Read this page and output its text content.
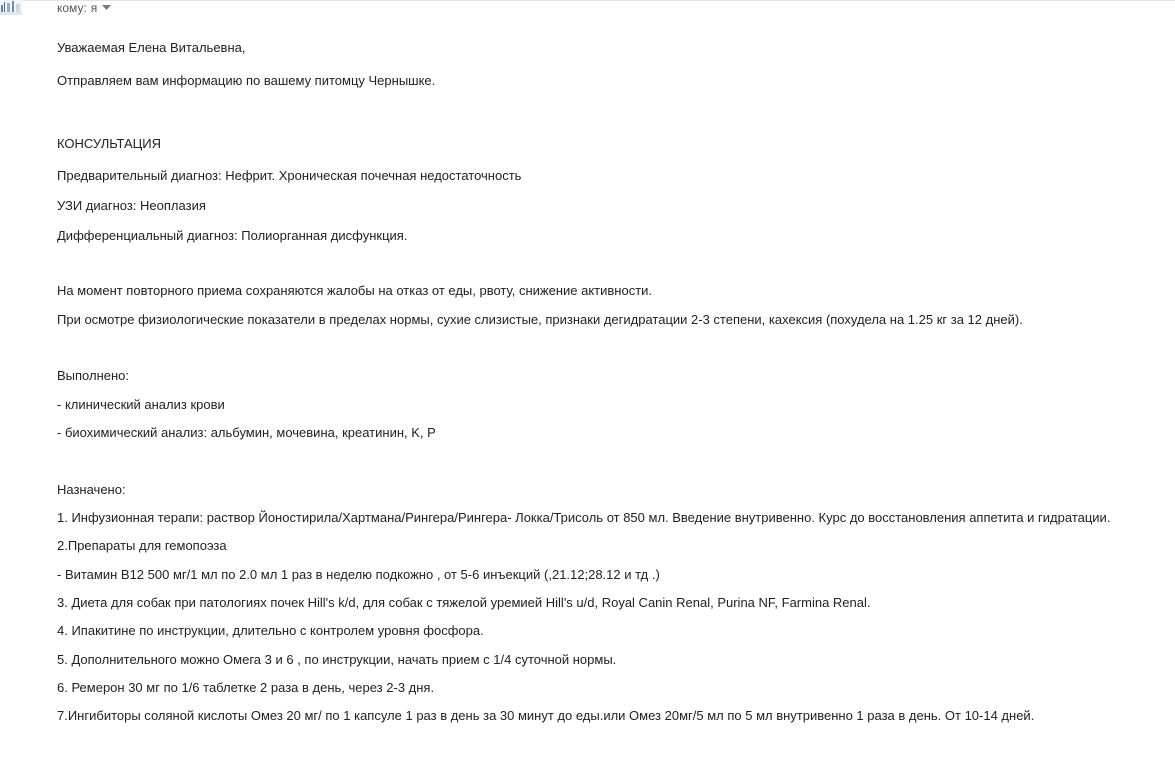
кому: я
Уважаемая Елена Витальевна,
Отправляем вам информацию по вашему питомцу Чернышке.
КОНСУЛЬТАЦИЯ
Предварительный диагноз: Нефрит. Хроническая почечная недостаточность
УЗИ диагноз: Неоплазия
Дифференциальный диагноз: Полиорганная дисфункция.
На момент повторного приема сохраняются жалобы на отказ от еды, рвоту, снижение активности.
При осмотре физиологические показатели в пределах нормы, сухие слизистые, признаки дегидратации 2-3 степени, кахексия (похудела на 1.25 кг за 12 дней).
Выполнено:
- клинический анализ крови
- биохимический анализ: альбумин, мочевина, креатинин, K, P
Назначено:
1. Инфузионная терапи: раствор Йоностирила/Хартмана/Рингера/Рингера- Локка/Трисоль от 850 мл. Введение внутривенно. Курс до восстановления аппетита и гидратации.
2.Препараты для гемопоэза
- Витамин В12 500 мг/1 мл по 2.0 мл 1 раз в неделю подкожно , от 5-6 инъекций (,21.12;28.12 и тд .)
3. Диета для собак при патологиях почек Hill's k/d, для собак с тяжелой уремией Hill's u/d, Royal Canin Renal, Purina NF, Farmina Renal.
4. Ипакитине по инструкции, длительно с контролем уровня фосфора.
5. Дополнительного можно Омега 3 и 6 , по инструкции, начать прием с 1/4 суточной нормы.
6. Ремерон 30 мг по 1/6 таблетке 2 раза в день, через 2-3 дня.
7.Ингибиторы соляной кислоты Омез 20 мг/ по 1 капсуле 1 раз в день за 30 минут до еды.или Омез 20мг/5 мл по 5 мл внутривенно 1 раза в день. От 10-14 дней.
